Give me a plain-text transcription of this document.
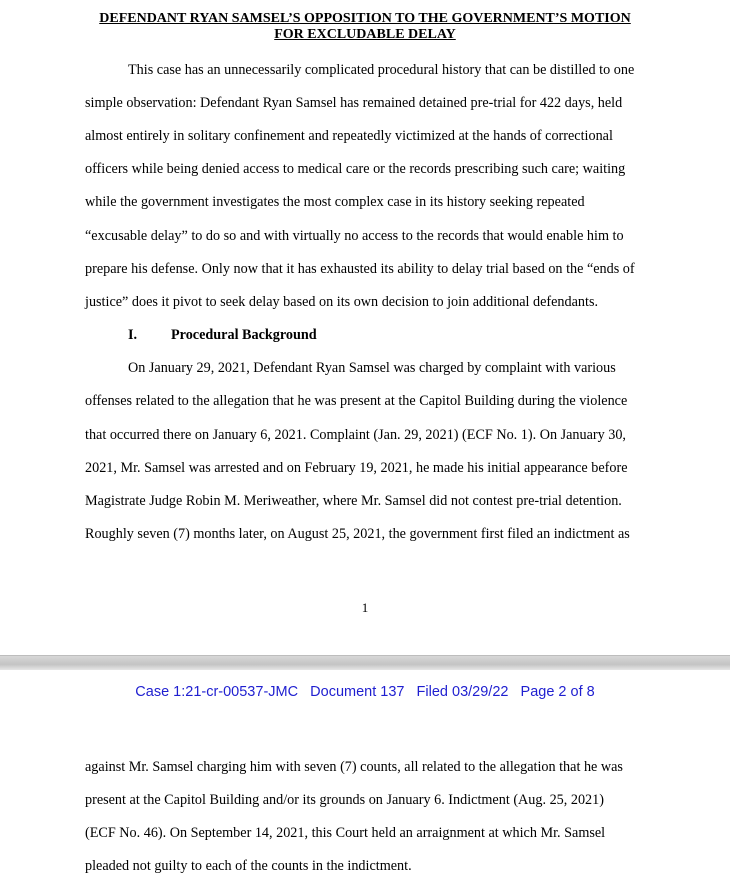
DEFENDANT RYAN SAMSEL’S OPPOSITION TO THE GOVERNMENT’S MOTION
FOR EXCLUDABLE DELAY
This case has an unnecessarily complicated procedural history that can be distilled to one
simple observation: Defendant Ryan Samsel has remained detained pre-trial for 422 days, held
almost entirely in solitary confinement and repeatedly victimized at the hands of correctional
officers while being denied access to medical care or the records prescribing such care; waiting
while the government investigates the most complex case in its history seeking repeated
“excusable delay” to do so and with virtually no access to the records that would enable him to
prepare his defense. Only now that it has exhausted its ability to delay trial based on the “ends of
justice” does it pivot to seek delay based on its own decision to join additional defendants.
I. Procedural Background
On January 29, 2021, Defendant Ryan Samsel was charged by complaint with various
offenses related to the allegation that he was present at the Capitol Building during the violence
that occurred there on January 6, 2021. Complaint (Jan. 29, 2021) (ECF No. 1). On January 30,
2021, Mr. Samsel was arrested and on February 19, 2021, he made his initial appearance before
Magistrate Judge Robin M. Meriweather, where Mr. Samsel did not contest pre-trial detention.
Roughly seven (7) months later, on August 25, 2021, the government first filed an indictment as
1
Case 1:21-cr-00537-JMC   Document 137   Filed 03/29/22   Page 2 of 8
against Mr. Samsel charging him with seven (7) counts, all related to the allegation that he was
present at the Capitol Building and/or its grounds on January 6. Indictment (Aug. 25, 2021)
(ECF No. 46). On September 14, 2021, this Court held an arraignment at which Mr. Samsel
pleaded not guilty to each of the counts in the indictment.
